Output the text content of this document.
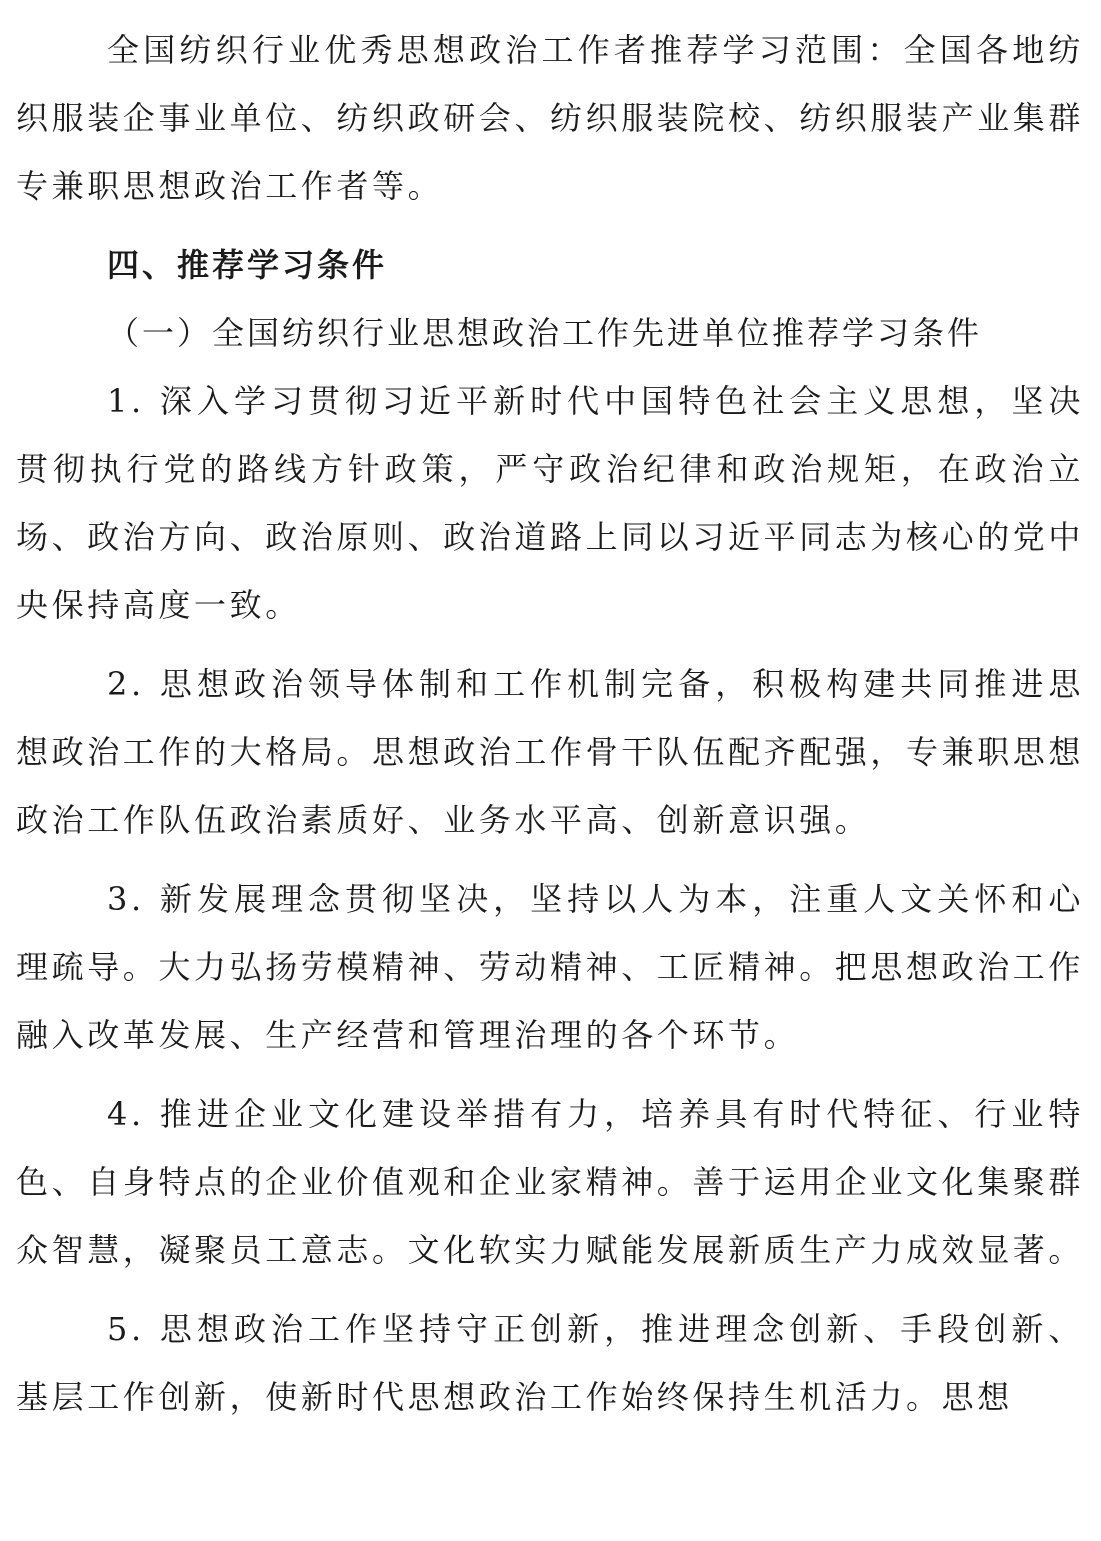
全国纺织行业优秀思想政治工作者推荐学习范围：全国各地纺织服装企事业单位、纺织政研会、纺织服装院校、纺织服装产业集群专兼职思想政治工作者等。

四、推荐学习条件

（一）全国纺织行业思想政治工作先进单位推荐学习条件

1. 深入学习贯彻习近平新时代中国特色社会主义思想，坚决贯彻执行党的路线方针政策，严守政治纪律和政治规矩，在政治立场、政治方向、政治原则、政治道路上同以习近平同志为核心的党中央保持高度一致。

2. 思想政治领导体制和工作机制完备，积极构建共同推进思想政治工作的大格局。思想政治工作骨干队伍配齐配强，专兼职思想政治工作队伍政治素质好、业务水平高、创新意识强。

3. 新发展理念贯彻坚决，坚持以人为本，注重人文关怀和心理疏导。大力弘扬劳模精神、劳动精神、工匠精神。把思想政治工作融入改革发展、生产经营和管理治理的各个环节。

4. 推进企业文化建设举措有力，培养具有时代特征、行业特色、自身特点的企业价值观和企业家精神。善于运用企业文化集聚群众智慧，凝聚员工意志。文化软实力赋能发展新质生产力成效显著。

5. 思想政治工作坚持守正创新，推进理念创新、手段创新、基层工作创新，使新时代思想政治工作始终保持生机活力。思想
